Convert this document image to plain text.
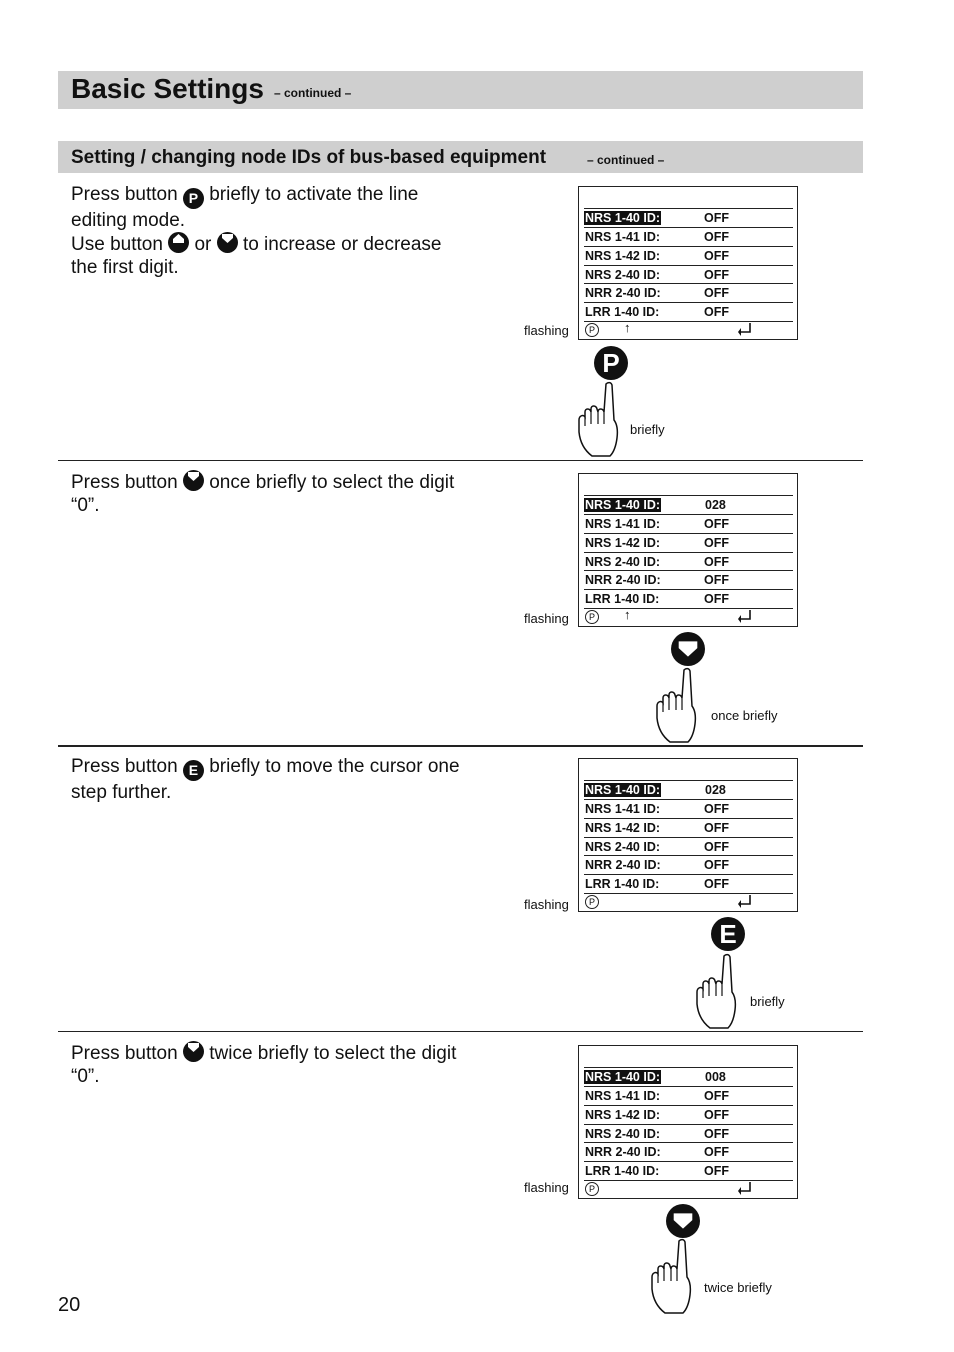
Basic Settings – continued –
Setting / changing node IDs of bus-based equipment	– continued –
Press button P briefly to activate the line editing mode.
Use button or to increase or decrease the first digit.
NRS 1-40 ID:	OFF
NRS 1-41 ID:	OFF
NRS 1-42 ID:	OFF
NRS 2-40 ID:	OFF
NRR 2-40 ID:	OFF
LRR 1-40 ID:	OFF
P	↑
flashing
P
briefly
Press button once briefly to select the digit “0”.	NRS 1-40 ID:	028
NRS 1-41 ID:	OFF
NRS 1-42 ID:	OFF
NRS 2-40 ID:	OFF
NRR 2-40 ID:	OFF
LRR 1-40 ID:	OFF
P	↑
flashing
once briefly
Press button E briefly to move the cursor one step further.	NRS 1-40 ID:	028
NRS 1-41 ID:	OFF
NRS 1-42 ID:	OFF
NRS 2-40 ID:	OFF
NRR 2-40 ID:	OFF
LRR 1-40 ID:	OFF
P
flashing
E
briefly
Press button twice briefly to select the digit “0”.	NRS 1-40 ID:	008
NRS 1-41 ID:	OFF
NRS 1-42 ID:	OFF
NRS 2-40 ID:	OFF
NRR 2-40 ID:	OFF
LRR 1-40 ID:	OFF
P
flashing
twice briefly
20
